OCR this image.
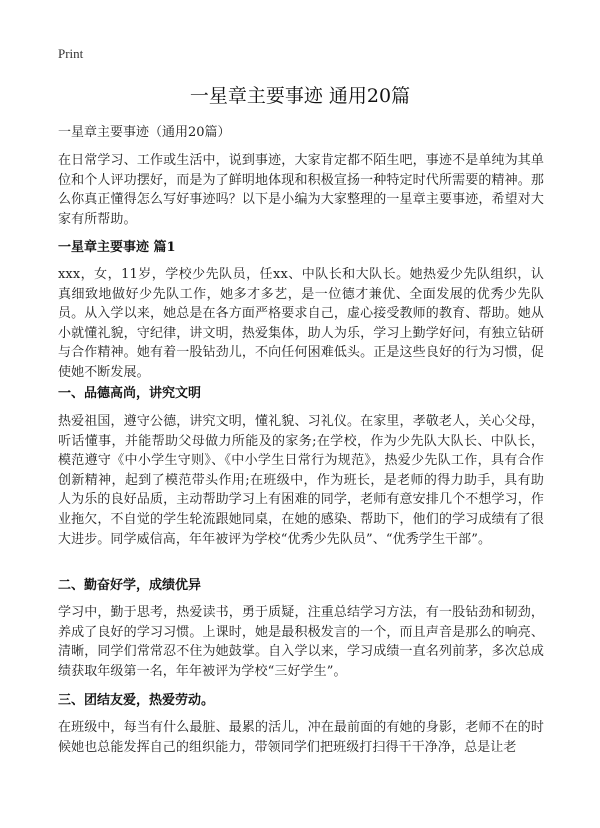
Print
一星章主要事迹 通用20篇
一星章主要事迹（通用20篇）

在日常学习、工作或生活中，说到事迹，大家肯定都不陌生吧，事迹不是单纯为其单位和个人评功摆好，而是为了鲜明地体现和积极宣扬一种特定时代所需要的精神。那么你真正懂得怎么写好事迹吗？以下是小编为大家整理的一星章主要事迹，希望对大家有所帮助。

一星章主要事迹 篇1

xxx，女，11岁，学校少先队员，任xx、中队长和大队长。她热爱少先队组织，认真细致地做好少先队工作，她多才多艺，是一位德才兼优、全面发展的优秀少先队员。从入学以来，她总是在各方面严格要求自己，虚心接受教师的教育、帮助。她从小就懂礼貌，守纪律，讲文明，热爱集体，助人为乐，学习上勤学好问，有独立钻研与合作精神。她有着一股钻劲儿，不向任何困难低头。正是这些良好的行为习惯，促使她不断发展。

一、品德高尚，讲究文明

热爱祖国，遵守公德，讲究文明，懂礼貌、习礼仪。在家里，孝敬老人，关心父母，听话懂事，并能帮助父母做力所能及的家务;在学校，作为少先队大队长、中队长，模范遵守《中小学生守则》、《中小学生日常行为规范》，热爱少先队工作，具有合作创新精神，起到了模范带头作用;在班级中，作为班长，是老师的得力助手，具有助人为乐的良好品质，主动帮助学习上有困难的同学，老师有意安排几个不想学习，作业拖欠，不自觉的学生轮流跟她同桌，在她的感染、帮助下，他们的学习成绩有了很大进步。同学威信高，年年被评为学校“优秀少先队员”、“优秀学生干部”。

二、勤奋好学，成绩优异

学习中，勤于思考，热爱读书，勇于质疑，注重总结学习方法，有一股钻劲和韧劲，养成了良好的学习习惯。上课时，她是最积极发言的一个，而且声音是那么的响亮、清晰，同学们常常忍不住为她鼓掌。自入学以来，学习成绩一直名列前茅，多次总成绩获取年级第一名，年年被评为学校“三好学生”。

三、团结友爱，热爱劳动。

在班级中，每当有什么最脏、最累的活儿，冲在最前面的有她的身影，老师不在的时候她也总能发挥自己的组织能力，带领同学们把班级打扫得干干净净，总是让老
